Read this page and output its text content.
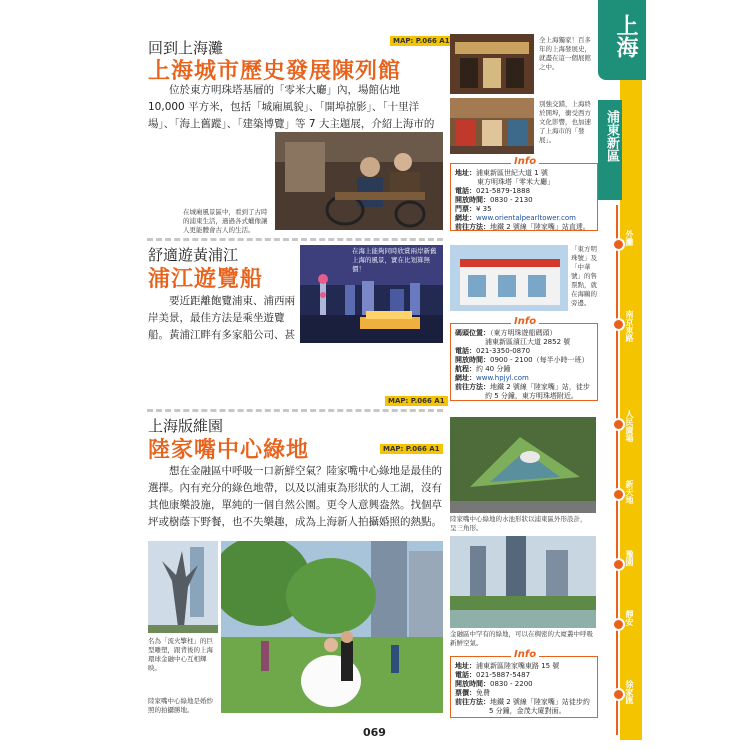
回到上海灘	MAP: P.066 A1
上海城市歷史發展陳列館
位於東方明珠塔基層的「零米大廳」內，場館佔地 10,000 平方米，包括「城廂風貌」、「開埠掠影」、「十里洋場」、「海上舊蹤」、「建築博覽」等 7 大主題展，介紹上海市的
在城廂風景區中，看到了古時的浦東生活，過過各式蠟像讓人更能體會古人的生活。
全上海獨家！百多年的上海發展史，就盡在這一個展館之中。
別強交錯，上海終於開埠，衝受西方文化影響，也加速了上海市的「發展」。
Info
地址：浦東新區世紀大道 1 號
東方明珠塔「零米大廳」
電話：021-5879-1888
開放時間：0830 - 2130
門票：¥ 35
網址：www.orientalpearltower.com
前往方法：地鐵 2 號線「陸家嘴」站直達。
舒適遊黃浦江
浦江遊覽船
在海上能夠同時欣賞兩岸新舊上海的風景，實在比划算無價！
要近距離飽覽浦東、浦西兩岸美景，最佳方法是乘坐遊覽船。黃浦江畔有多家船公司、甚
MAP: P.066 A1
「東方明珠號」及「中華號」的售票點，就在海鷗的旁邊。
Info
碼頭位置：（東方明珠遊船碼頭）
浦東新區濱江大道 2852 號
電話：021-3350-0870
開放時間：0900 - 2100（每半小時一班）
航程：約 40 分鐘
網址：www.hpjyl.com
前往方法：地鐵 2 號線「陸家嘴」站，徒步
約 5 分鐘，東方明珠塔附近。
上海版維園
陸家嘴中心綠地	MAP: P.066 A1
想在金融區中呼吸一口新鮮空氣？陸家嘴中心綠地是最佳的選擇。內有充分的綠色地帶，以及以浦東為形狀的人工湖，沒有其他康樂設施，單純的一個自然公園。更令人意興盎然。找個草坪或樹蔭下野餐，也不失樂趣，成為上海新人拍攝婚照的熱點。
名為「流火擎柱」的巨型雕塑，跟背後的上海環球金融中心互相輝映。
陸家嘴中心綠地是婚紗照的拍攝勝地。
陸家嘴中心綠地的水池形狀以浦東區外形設計，呈三角形。
金融區中罕有的綠地，可以在稠密的大廈叢中呼吸新鮮空氣。
Info
地址：浦東新區陸家嘴東路 15 號
電話：021-5887-5487
開放時間：0830 - 2200
票價：免費
前往方法：地鐵 2 號線「陸家嘴」站徒步約
5 分鐘，金茂大廈對面。
069
上海
浦東新區
外灘
南京東路
人民廣場
新天地
豫園
靜安
徐家匯
